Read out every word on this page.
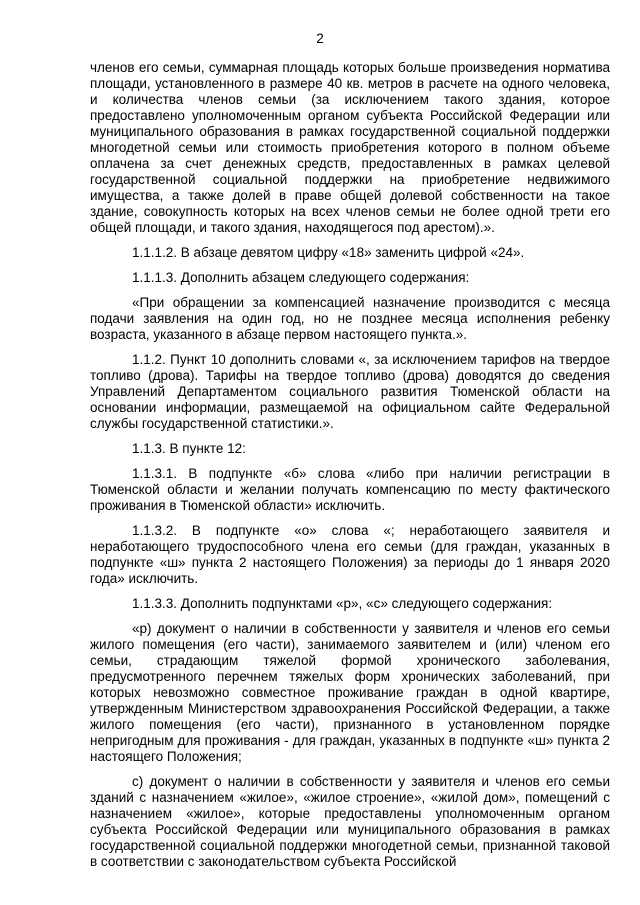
2

членов его семьи, суммарная площадь которых больше произведения норматива площади, установленного в размере 40 кв. метров в расчете на одного человека, и количества членов семьи (за исключением такого здания, которое предоставлено уполномоченным органом субъекта Российской Федерации или муниципального образования в рамках государственной социальной поддержки многодетной семьи или стоимость приобретения которого в полном объеме оплачена за счет денежных средств, предоставленных в рамках целевой государственной социальной поддержки на приобретение недвижимого имущества, а также долей в праве общей долевой собственности на такое здание, совокупность которых на всех членов семьи не более одной трети его общей площади, и такого здания, находящегося под арестом).».

1.1.1.2. В абзаце девятом цифру «18» заменить цифрой «24».

1.1.1.3. Дополнить абзацем следующего содержания:

«При обращении за компенсацией назначение производится с месяца подачи заявления на один год, но не позднее месяца исполнения ребенку возраста, указанного в абзаце первом настоящего пункта.».

1.1.2. Пункт 10 дополнить словами «, за исключением тарифов на твердое топливо (дрова). Тарифы на твердое топливо (дрова) доводятся до сведения Управлений Департаментом социального развития Тюменской области на основании информации, размещаемой на официальном сайте Федеральной службы государственной статистики.».

1.1.3. В пункте 12:

1.1.3.1. В подпункте «б» слова «либо при наличии регистрации в Тюменской области и желании получать компенсацию по месту фактического проживания в Тюменской области» исключить.

1.1.3.2. В подпункте «о» слова «; неработающего заявителя и неработающего трудоспособного члена его семьи (для граждан, указанных в подпункте «ш» пункта 2 настоящего Положения) за периоды до 1 января 2020 года» исключить.

1.1.3.3. Дополнить подпунктами «р», «с» следующего содержания:

«р) документ о наличии в собственности у заявителя и членов его семьи жилого помещения (его части), занимаемого заявителем и (или) членом его семьи, страдающим тяжелой формой хронического заболевания, предусмотренного перечнем тяжелых форм хронических заболеваний, при которых невозможно совместное проживание граждан в одной квартире, утвержденным Министерством здравоохранения Российской Федерации, а также жилого помещения (его части), признанного в установленном порядке непригодным для проживания - для граждан, указанных в подпункте «ш» пункта 2 настоящего Положения;

с) документ о наличии в собственности у заявителя и членов его семьи зданий с назначением «жилое», «жилое строение», «жилой дом», помещений с назначением «жилое», которые предоставлены уполномоченным органом субъекта Российской Федерации или муниципального образования в рамках государственной социальной поддержки многодетной семьи, признанной таковой в соответствии с законодательством субъекта Российской
